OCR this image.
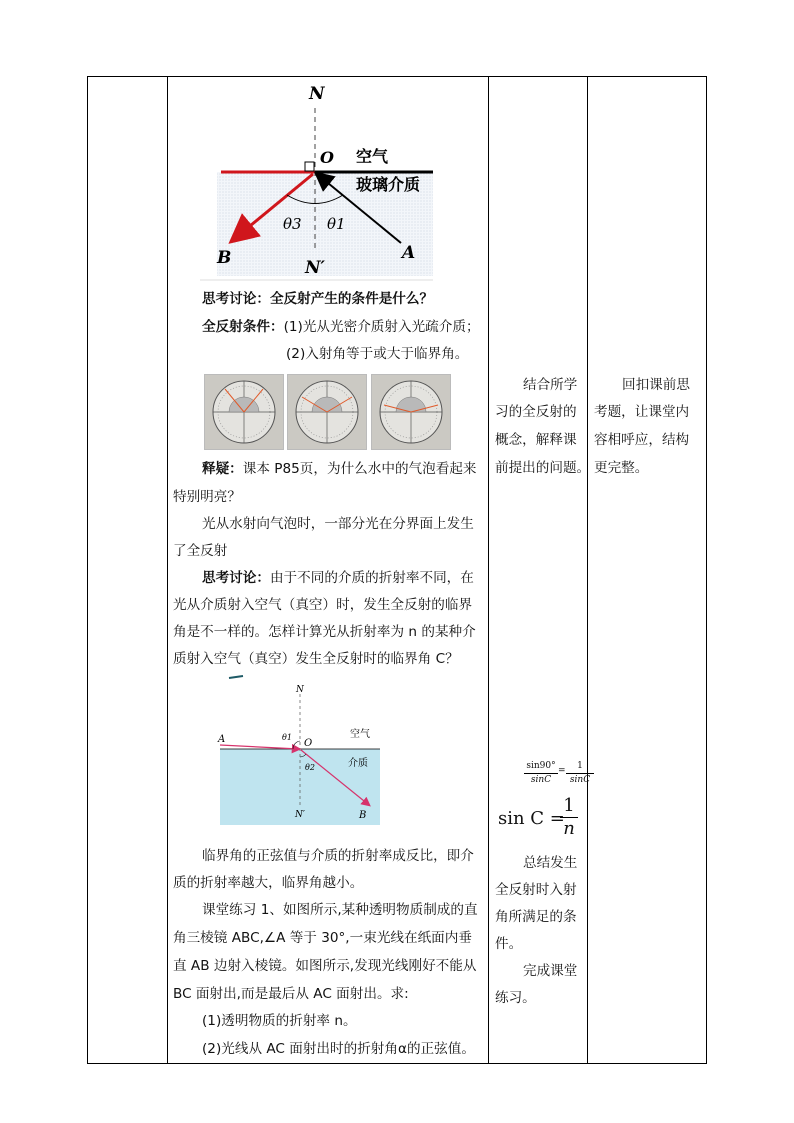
N
O 空气
玻璃介质
θ3 θ1
B	N′
A
思考讨论：全反射产生的条件是什么？
全反射条件：(1)光从光密介质射入光疏介质；
(2)入射角等于或大于临界角。
释疑：课本 P85页，为什么水中的气泡看起来
特别明亮？
光从水射向气泡时，一部分光在分界面上发生
了全反射
思考讨论：由于不同的介质的折射率不同，在
光从介质射入空气（真空）时，发生全反射的临界
角是不一样的。怎样计算光从折射率为 n 的某种介
质射入空气（真空）发生全反射时的临界角 C？
N
A	θ1
O
空气
θ2	介质
N′	B
临界角的正弦值与介质的折射率成反比，即介
质的折射率越大，临界角越小。
课堂练习 1、如图所示,某种透明物质制成的直
角三棱镜 ABC,∠A 等于 30°,一束光线在纸面内垂
直 AB 边射入棱镜。如图所示,发现光线刚好不能从
BC 面射出,而是最后从 AC 面射出。求:
(1)透明物质的折射率 n。
(2)光线从 AC 面射出时的折射角α的正弦值。
结合所学
习的全反射的
概念，解释课
前提出的问题。
sin90°
sinC
=	1
sinC
sin C =
$\frac{1}{n}$
总结发生
全反射时入射
角所满足的条
件。
完成课堂
练习。
回扣课前思
考题，让课堂内
容相呼应，结构
更完整。
